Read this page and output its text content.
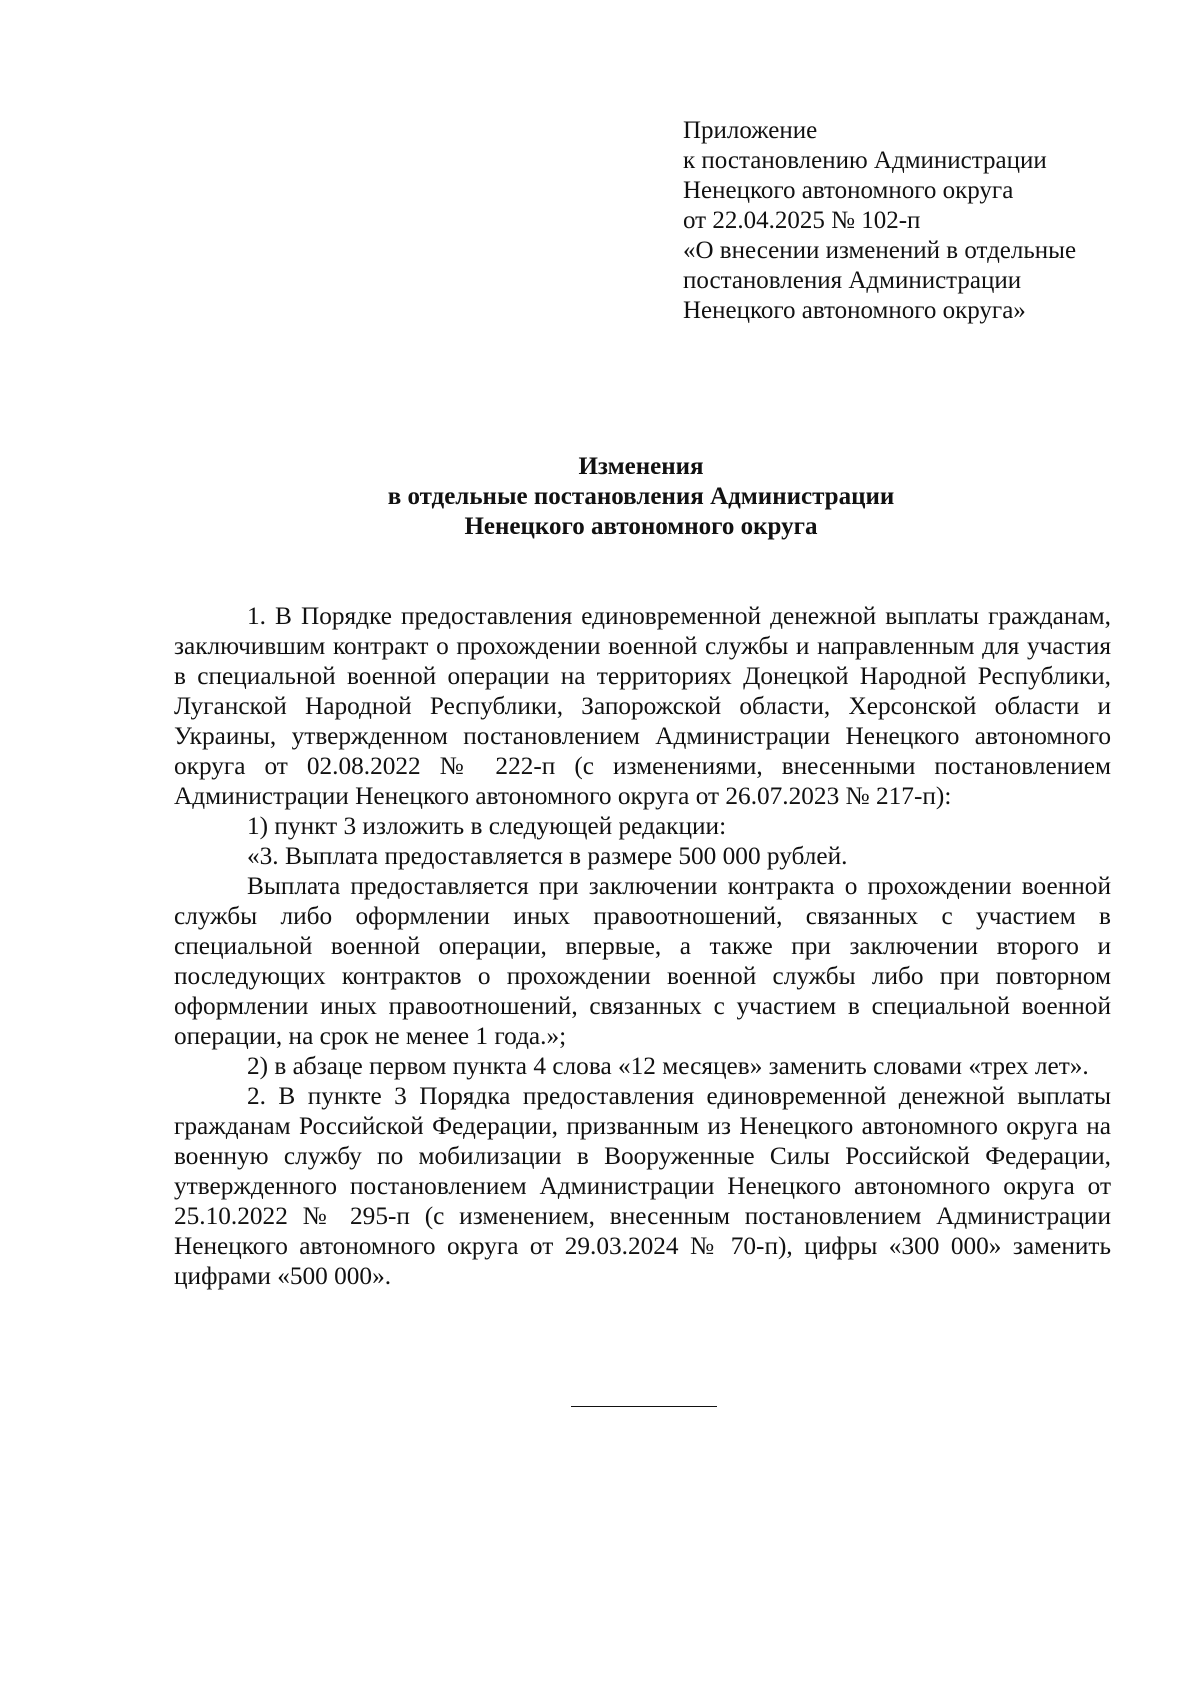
Приложение
к постановлению Администрации
Ненецкого автономного округа
от 22.04.2025 № 102-п
«О внесении изменений в отдельные
постановления Администрации
Ненецкого автономного округа»
Изменения
в отдельные постановления Администрации
Ненецкого автономного округа

1. В Порядке предоставления единовременной денежной выплаты гражданам, заключившим контракт о прохождении военной службы и направленным для участия в специальной военной операции на территориях Донецкой Народной Республики, Луганской Народной Республики, Запорожской области, Херсонской области и Украины, утвержденном постановлением Администрации Ненецкого автономного округа от 02.08.2022 № 222-п (с изменениями, внесенными постановлением Администрации Ненецкого автономного округа от 26.07.2023 № 217-п):

1) пункт 3 изложить в следующей редакции:

«3. Выплата предоставляется в размере 500 000 рублей.

Выплата предоставляется при заключении контракта о прохождении военной службы либо оформлении иных правоотношений, связанных с участием в специальной военной операции, впервые, а также при заключении второго и последующих контрактов о прохождении военной службы либо при повторном оформлении иных правоотношений, связанных с участием в специальной военной операции, на срок не менее 1 года.»;

2) в абзаце первом пункта 4 слова «12 месяцев» заменить словами «трех лет».

2. В пункте 3 Порядка предоставления единовременной денежной выплаты гражданам Российской Федерации, призванным из Ненецкого автономного округа на военную службу по мобилизации в Вооруженные Силы Российской Федерации, утвержденного постановлением Администрации Ненецкого автономного округа от 25.10.2022 № 295-п (с изменением, внесенным постановлением Администрации Ненецкого автономного округа от 29.03.2024 № 70-п), цифры «300 000» заменить цифрами «500 000».
